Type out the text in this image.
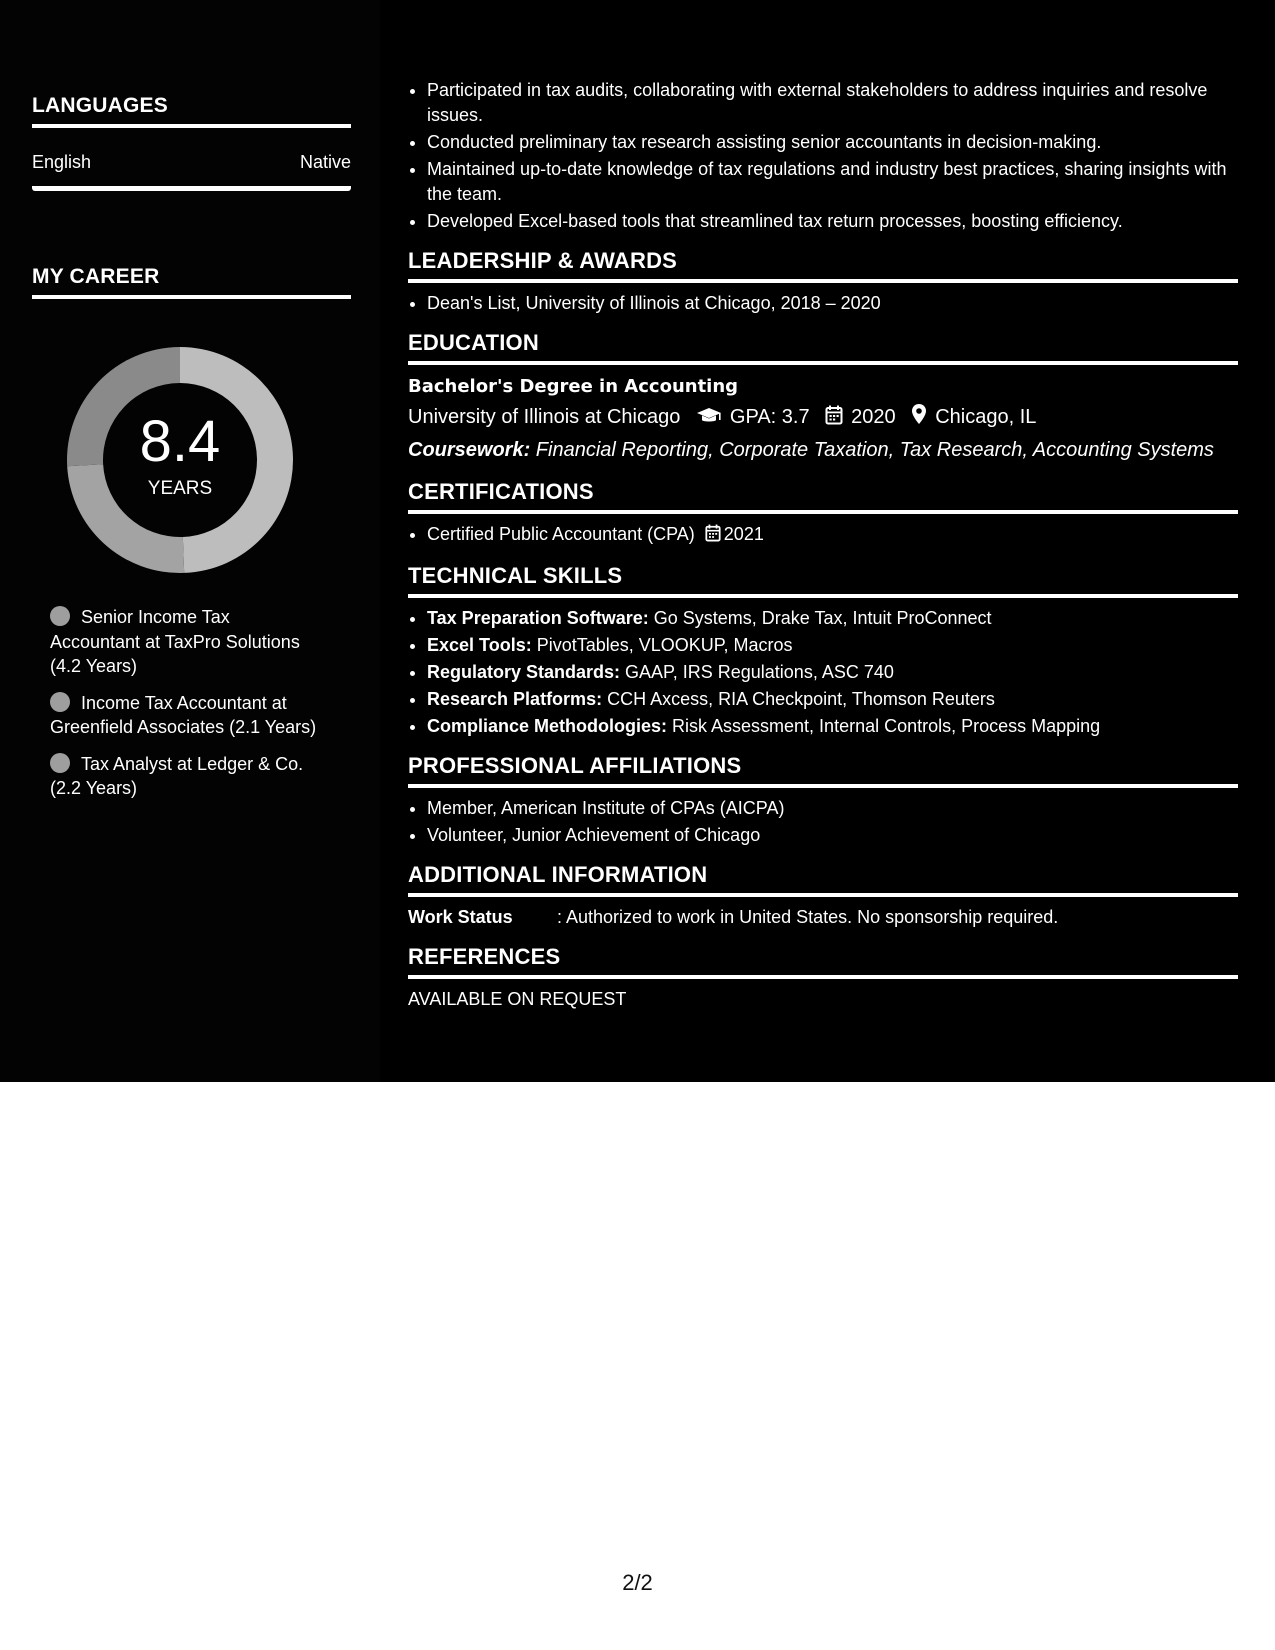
LANGUAGES
English	Native
MY CAREER
8.4
YEARS
Senior Income Tax Accountant at TaxPro Solutions (4.2 Years)
Income Tax Accountant at Greenfield Associates (2.1 Years)
Tax Analyst at Ledger & Co. (2.2 Years)
• Participated in tax audits, collaborating with external stakeholders to address inquiries and resolve issues.
• Conducted preliminary tax research assisting senior accountants in decision-making.
• Maintained up-to-date knowledge of tax regulations and industry best practices, sharing insights with the team.
• Developed Excel-based tools that streamlined tax return processes, boosting efficiency.
LEADERSHIP & AWARDS
• Dean's List, University of Illinois at Chicago, 2018 – 2020
EDUCATION
Bachelor's Degree in Accounting
University of Illinois at Chicago GPA: 3.7 2020 Chicago, IL
Coursework: Financial Reporting, Corporate Taxation, Tax Research, Accounting Systems
CERTIFICATIONS
• Certified Public Accountant (CPA) 2021
TECHNICAL SKILLS
• Tax Preparation Software: Go Systems, Drake Tax, Intuit ProConnect
• Excel Tools: PivotTables, VLOOKUP, Macros
• Regulatory Standards: GAAP, IRS Regulations, ASC 740
• Research Platforms: CCH Axcess, RIA Checkpoint, Thomson Reuters
• Compliance Methodologies: Risk Assessment, Internal Controls, Process Mapping
PROFESSIONAL AFFILIATIONS
• Member, American Institute of CPAs (AICPA)
• Volunteer, Junior Achievement of Chicago
ADDITIONAL INFORMATION
Work Status : Authorized to work in United States. No sponsorship required.
REFERENCES
AVAILABLE ON REQUEST
2/2
